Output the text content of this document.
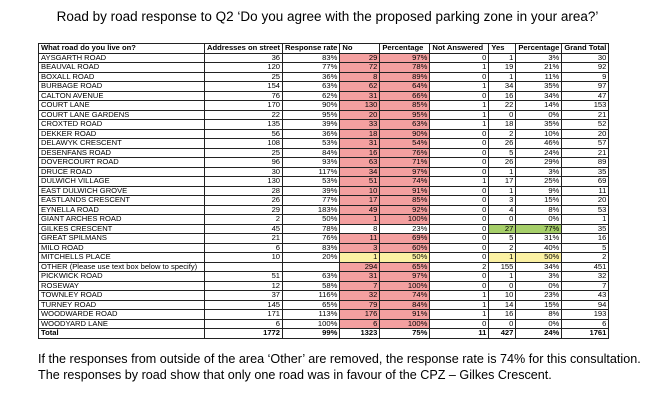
Road by road response to Q2 ‘Do you agree with the proposed parking zone in your area?’
What road do you live on?	Addresses on street	Response rate	No	Percentage	Not Answered	Yes	Percentage	Grand Total
AYSGARTH ROAD	36	83%	29	97%	0	1	3%	30
BEAUVAL ROAD	120	77%	72	78%	1	19	21%	92
BOXALL ROAD	25	36%	8	89%	0	1	11%	9
BURBAGE ROAD	154	63%	62	64%	1	34	35%	97
CALTON AVENUE	76	62%	31	66%	0	16	34%	47
COURT LANE	170	90%	130	85%	1	22	14%	153
COURT LANE GARDENS	22	95%	20	95%	1	0	0%	21
CROXTED ROAD	135	39%	33	63%	1	18	35%	52
DEKKER ROAD	56	36%	18	90%	0	2	10%	20
DELAWYK CRESCENT	108	53%	31	54%	0	26	46%	57
DESENFANS ROAD	25	84%	16	76%	0	5	24%	21
DOVERCOURT ROAD	96	93%	63	71%	0	26	29%	89
DRUCE ROAD	30	117%	34	97%	0	1	3%	35
DULWICH VILLAGE	130	53%	51	74%	1	17	25%	69
EAST DULWICH GROVE	28	39%	10	91%	0	1	9%	11
EASTLANDS CRESCENT	26	77%	17	85%	0	3	15%	20
EYNELLA ROAD	29	183%	49	92%	0	4	8%	53
GIANT ARCHES ROAD	2	50%	1	100%	0	0	0%	1
GILKES CRESCENT	45	78%	8	23%	0	27	77%	35
GREAT SPILMANS	21	76%	11	69%	0	5	31%	16
MILO ROAD	6	83%	3	60%	0	2	40%	5
MITCHELLS PLACE	10	20%	1	50%	0	1	50%	2
OTHER (Please use text box below to specify)			294	65%	2	155	34%	451
PICKWICK ROAD	51	63%	31	97%	0	1	3%	32
ROSEWAY	12	58%	7	100%	0	0	0%	7
TOWNLEY ROAD	37	116%	32	74%	1	10	23%	43
TURNEY ROAD	145	65%	79	84%	1	14	15%	94
WOODWARDE ROAD	171	113%	176	91%	1	16	8%	193
WOODYARD LANE	6	100%	6	100%	0	0	0%	6
Total	1772	99%	1323	75%	11	427	24%	1761
If the responses from outside of the area ‘Other’ are removed, the response rate is 74% for this consultation. The responses by road show that only one road was in favour of the CPZ – Gilkes Crescent.
